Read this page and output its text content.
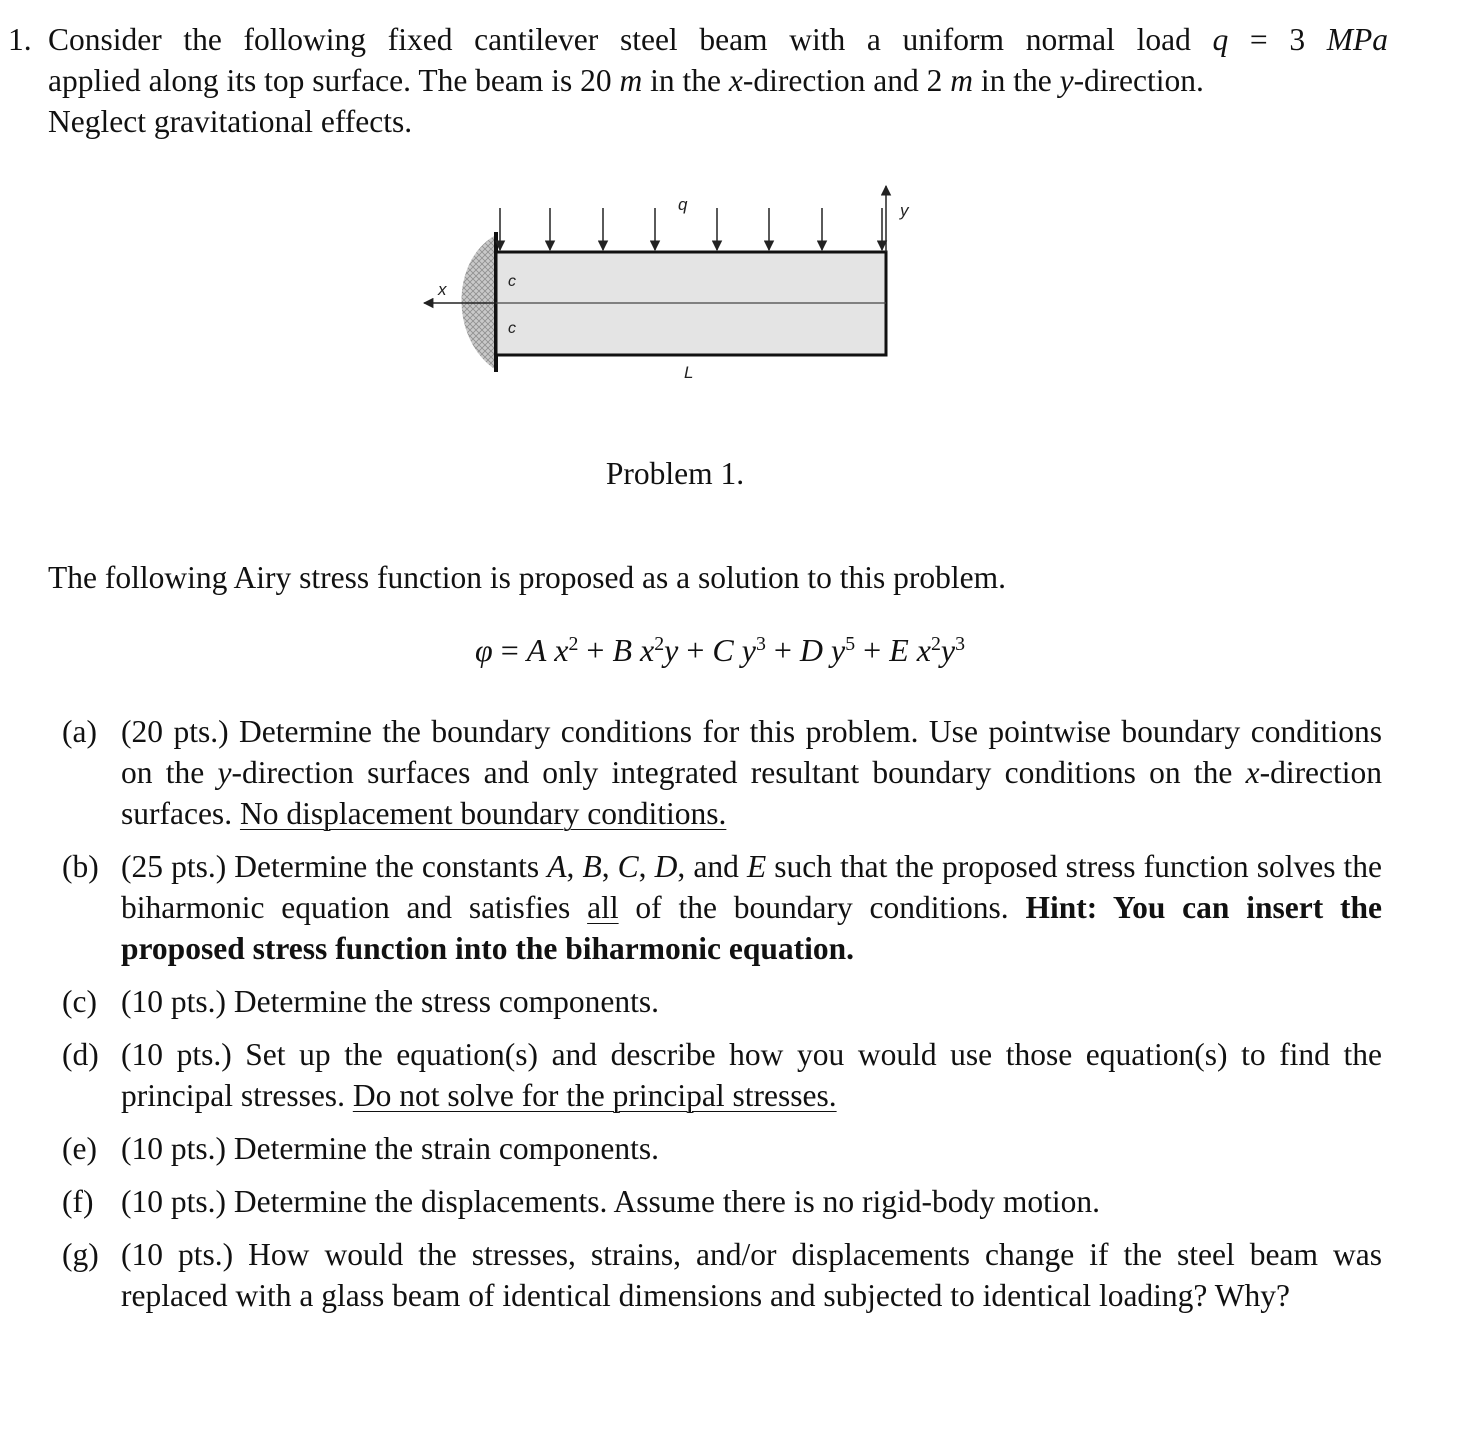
1. Consider the following fixed cantilever steel beam with a uniform normal load q = 3 MPa
applied along its top surface. The beam is 20 m in the x-direction and 2 m in the y-direction.
Neglect gravitational effects.
x
y
q
c
c
L
Problem 1.
The following Airy stress function is proposed as a solution to this problem.
φ = A $x^2 + B$ $x^2y + C$ $y^3 + D$ $y^5 + E$ $x^2y^3$
(a) (20 pts.) Determine the boundary conditions for this problem. Use pointwise boundary conditions on the y-direction surfaces and only integrated resultant boundary conditions on the x-direction surfaces. No displacement boundary conditions.
(b) (25 pts.) Determine the constants A, B, C, D, and E such that the proposed stress function solves the biharmonic equation and satisfies all of the boundary conditions. Hint: You can insert the proposed stress function into the biharmonic equation.
(c) (10 pts.) Determine the stress components.
(d) (10 pts.) Set up the equation(s) and describe how you would use those equation(s) to find the principal stresses. Do not solve for the principal stresses.
(e) (10 pts.) Determine the strain components.
(f) (10 pts.) Determine the displacements. Assume there is no rigid-body motion.
(g) (10 pts.) How would the stresses, strains, and/or displacements change if the steel beam was replaced with a glass beam of identical dimensions and subjected to identical loading? Why?
